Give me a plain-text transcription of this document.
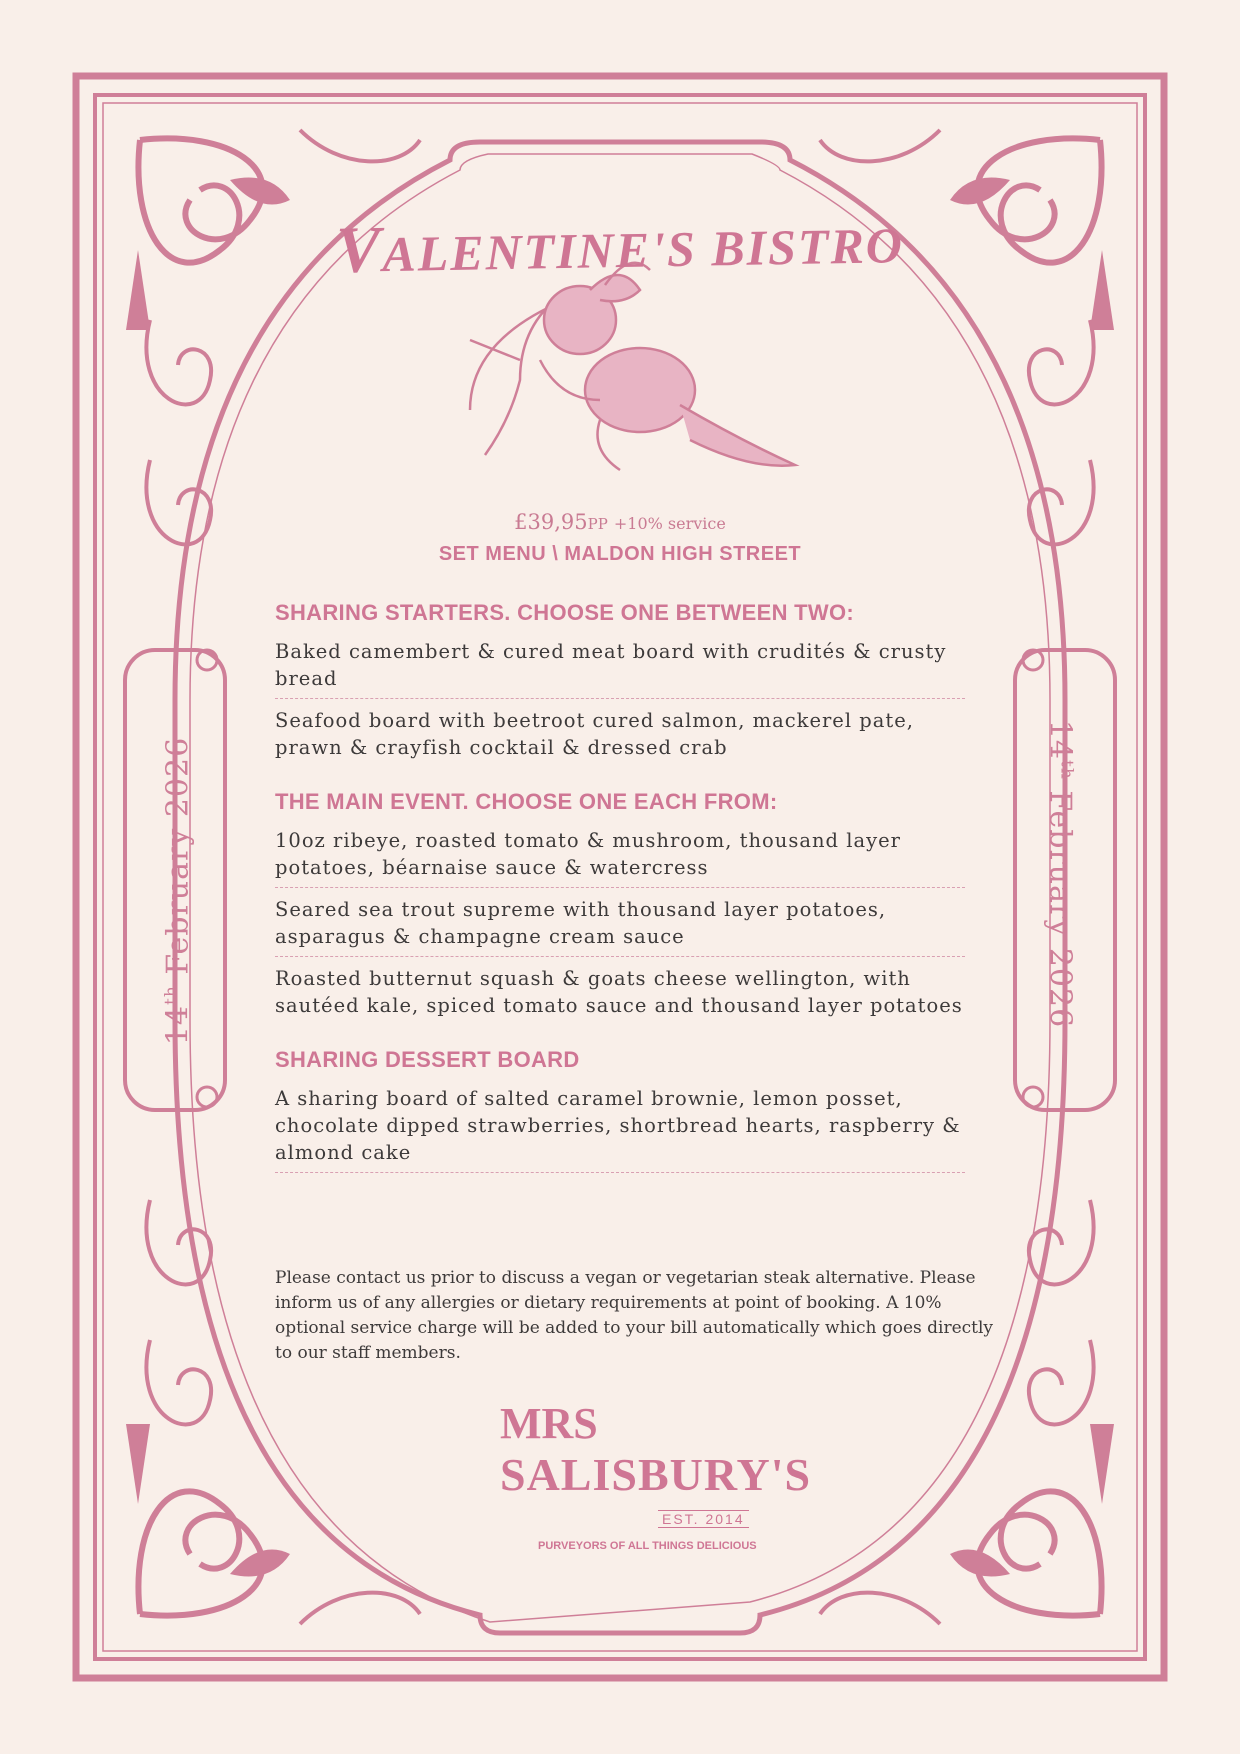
VALENTINE'S BISTRO
£39,95PP +10% service
SET MENU \ MALDON HIGH STREET
SHARING STARTERS. CHOOSE ONE BETWEEN TWO:
Baked camembert & cured meat board with crudités & crusty bread
Seafood board with beetroot cured salmon, mackerel pate, prawn & crayfish cocktail & dressed crab
THE MAIN EVENT. CHOOSE ONE EACH FROM:
10oz ribeye, roasted tomato & mushroom, thousand layer potatoes, béarnaise sauce & watercress
Seared sea trout supreme with thousand layer potatoes, asparagus & champagne cream sauce
Roasted butternut squash & goats cheese wellington, with sautéed kale, spiced tomato sauce and thousand layer potatoes
SHARING DESSERT BOARD
A sharing board of salted caramel brownie, lemon posset, chocolate dipped strawberries, shortbread hearts, raspberry & almond cake
Please contact us prior to discuss a vegan or vegetarian steak alternative. Please inform us of any allergies or dietary requirements at point of booking. A 10% optional service charge will be added to your bill automatically which goes directly to our staff members.
14th February 2026	14th February 2026
MRS
SALISBURY'S
EST. 2014
PURVEYORS OF ALL THINGS DELICIOUS
